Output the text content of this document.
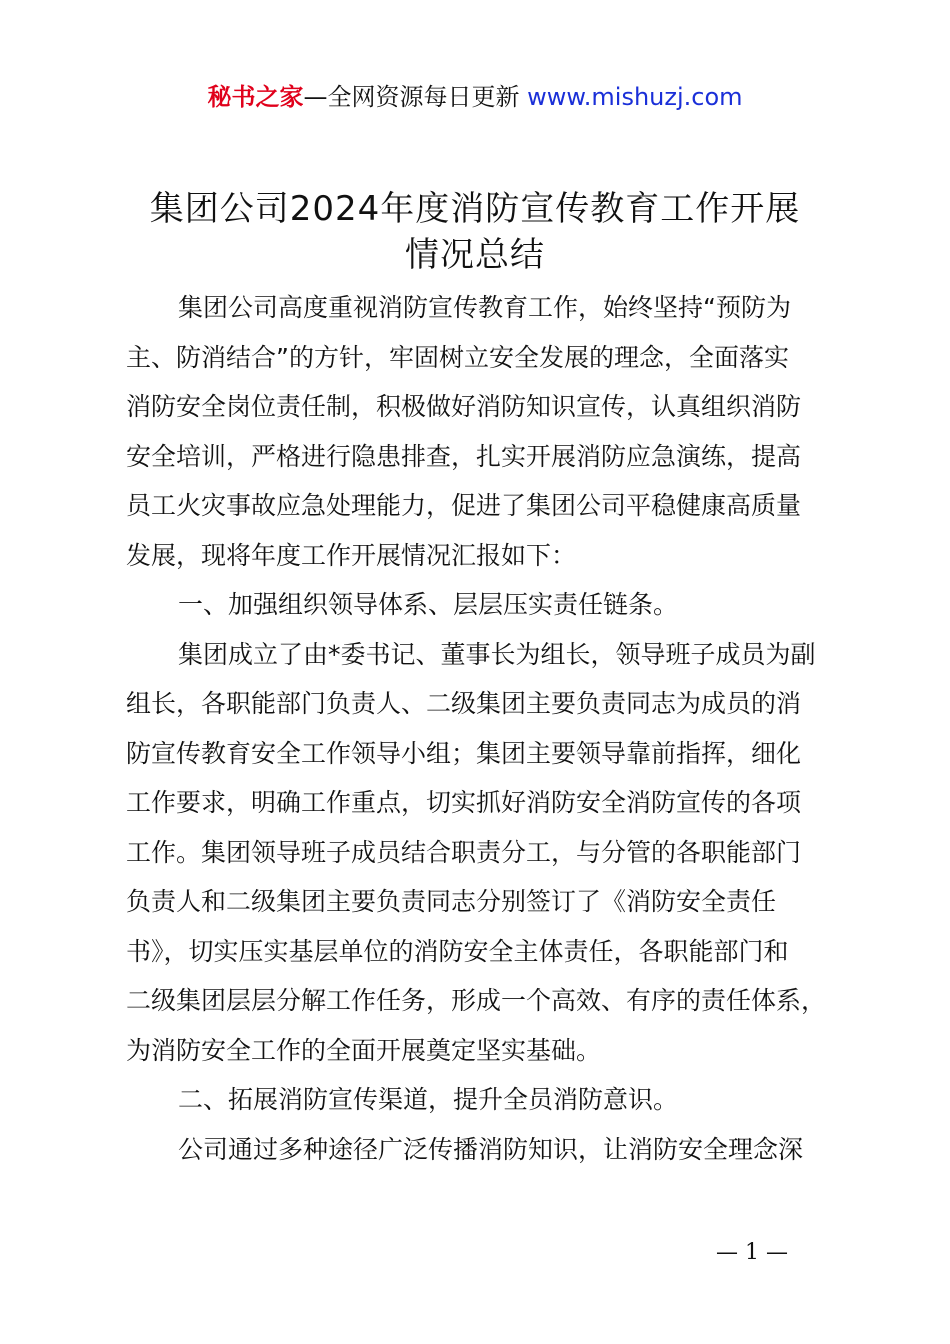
秘书之家—全网资源每日更新 www.mishuzj.com
集团公司2024年度消防宣传教育工作开展
情况总结
集团公司高度重视消防宣传教育工作，始终坚持“预防为
主、防消结合”的方针，牢固树立安全发展的理念，全面落实
消防安全岗位责任制，积极做好消防知识宣传，认真组织消防
安全培训，严格进行隐患排查，扎实开展消防应急演练，提高
员工火灾事故应急处理能力，促进了集团公司平稳健康高质量
发展，现将年度工作开展情况汇报如下：
一、加强组织领导体系、层层压实责任链条。
集团成立了由*委书记、董事长为组长，领导班子成员为副
组长，各职能部门负责人、二级集团主要负责同志为成员的消
防宣传教育安全工作领导小组；集团主要领导靠前指挥，细化
工作要求，明确工作重点，切实抓好消防安全消防宣传的各项
工作。集团领导班子成员结合职责分工，与分管的各职能部门
负责人和二级集团主要负责同志分别签订了《消防安全责任
书》，切实压实基层单位的消防安全主体责任，各职能部门和
二级集团层层分解工作任务，形成一个高效、有序的责任体系，
为消防安全工作的全面开展奠定坚实基础。
二、拓展消防宣传渠道，提升全员消防意识。
公司通过多种途径广泛传播消防知识，让消防安全理念深
— 1 —
